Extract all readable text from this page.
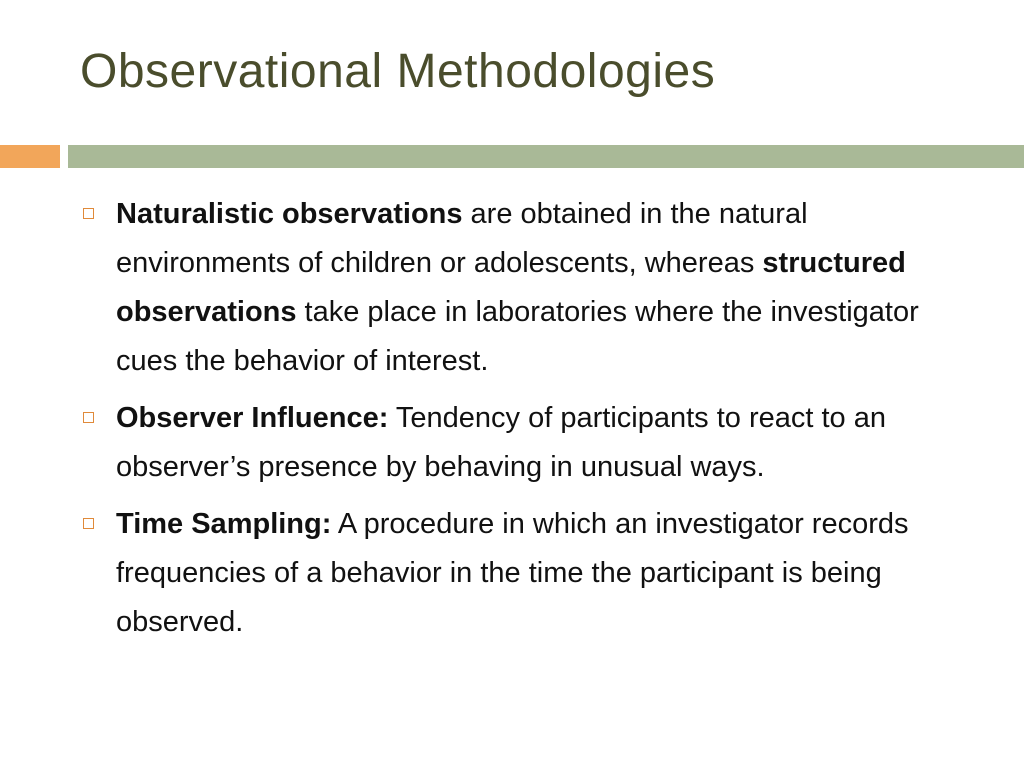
Observational Methodologies
Naturalistic observations are obtained in the natural environments of children or adolescents, whereas structured observations take place in laboratories where the investigator cues the behavior of interest.
Observer Influence: Tendency of participants to react to an observer’s presence by behaving in unusual ways.
Time Sampling: A procedure in which an investigator records frequencies of a behavior in the time the participant is being observed.
